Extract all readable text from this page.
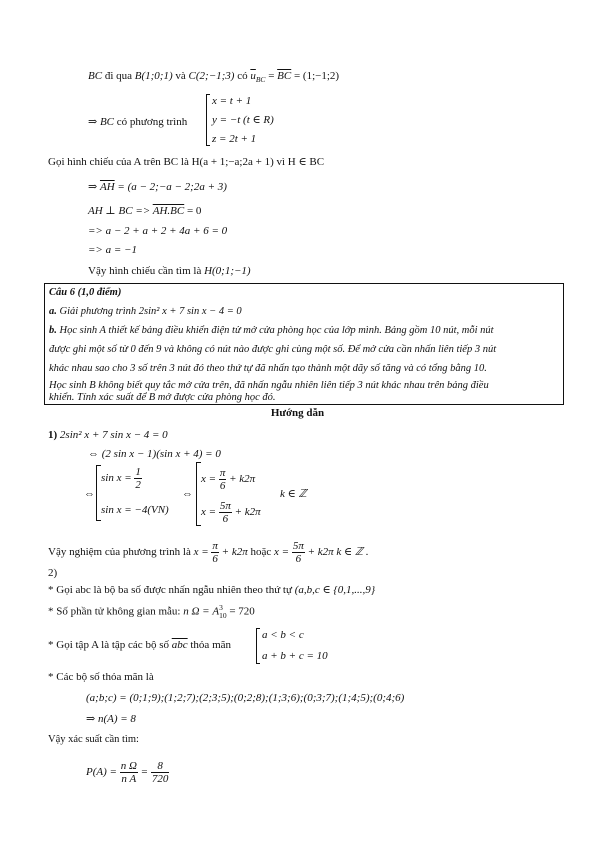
BC đi qua B(1;0;1) và C(2;−1;3) có $\overline{u}_{BC} = \overline{BC}$ = (1;−1;2)
⇒ BC có phương trình
x = t + 1
y = −t (t ∈ R)
z = 2t + 1
Gọi hình chiếu của A trên BC là H(a + 1;−a;2a + 1) vì H ∈ BC
⇒ $\overline{AH} = (a$ − 2;−a − 2;2a + 3)
AH ⊥ BC => AH.BC = 0
=> a − 2 + a + 2 + 4a + 6 = 0
=> a = −1
Vậy hình chiếu cần tìm là H(0;1;−1)
Câu 6 (1,0 điểm)
a. Giải phương trình 2sin² x + 7 sin x − 4 = 0
b. Học sinh A thiết kế bảng điều khiển điện tử mở cửa phòng học của lớp mình. Bảng gồm 10 nút, mỗi nút
được ghi một số từ 0 đến 9 và không có nút nào được ghi cùng một số. Để mở cửa cần nhấn liên tiếp 3 nút
khác nhau sao cho 3 số trên 3 nút đó theo thứ tự đã nhấn tạo thành một dãy số tăng và có tổng bằng 10.
Học sinh B không biết quy tắc mở cửa trên, đã nhấn ngẫu nhiên liên tiếp 3 nút khác nhau trên bảng điều
khiển. Tính xác suất để B mở được cửa phòng học đó.
Hướng dẫn
1) 2sin² x + 7 sin x − 4 = 0
⇔ (2 sin x − 1)(sin x + 4) = 0
⇔
$\sin x = \frac{1}{2}$
sin x = −4(VN)
⇔
$x = \frac{\pi}{6} + k2\pi$
$x = \frac{5\pi}{6} + k2\pi$
k ∈ ℤ
Vậy nghiệm của phương trình là $x = \frac{\pi}{6} + k2\pi$ hoặc $x = \frac{5\pi}{6} + k2\pi$ k ∈ ℤ .
2)
* Gọi abc là bộ ba số được nhấn ngẫu nhiên theo thứ tự (a,b,c ∈ {0,1,...,9}
* Số phần tử không gian mẫu: n Ω = A 3
10 = 720
* Gọi tập A là tập các bộ số $\overline{abc}$ thỏa mãn
a < b < c
a + b + c = 10
* Các bộ số thỏa mãn là
(a;b;c) = (0;1;9);(1;2;7);(2;3;5);(0;2;8);(1;3;6);(0;3;7);(1;4;5);(0;4;6)
⇒ n(A) = 8
Vậy xác suất cần tìm:
$P(A) = \frac{\text{n Ω}}{\text{n A}} = \frac{8}{720}$
